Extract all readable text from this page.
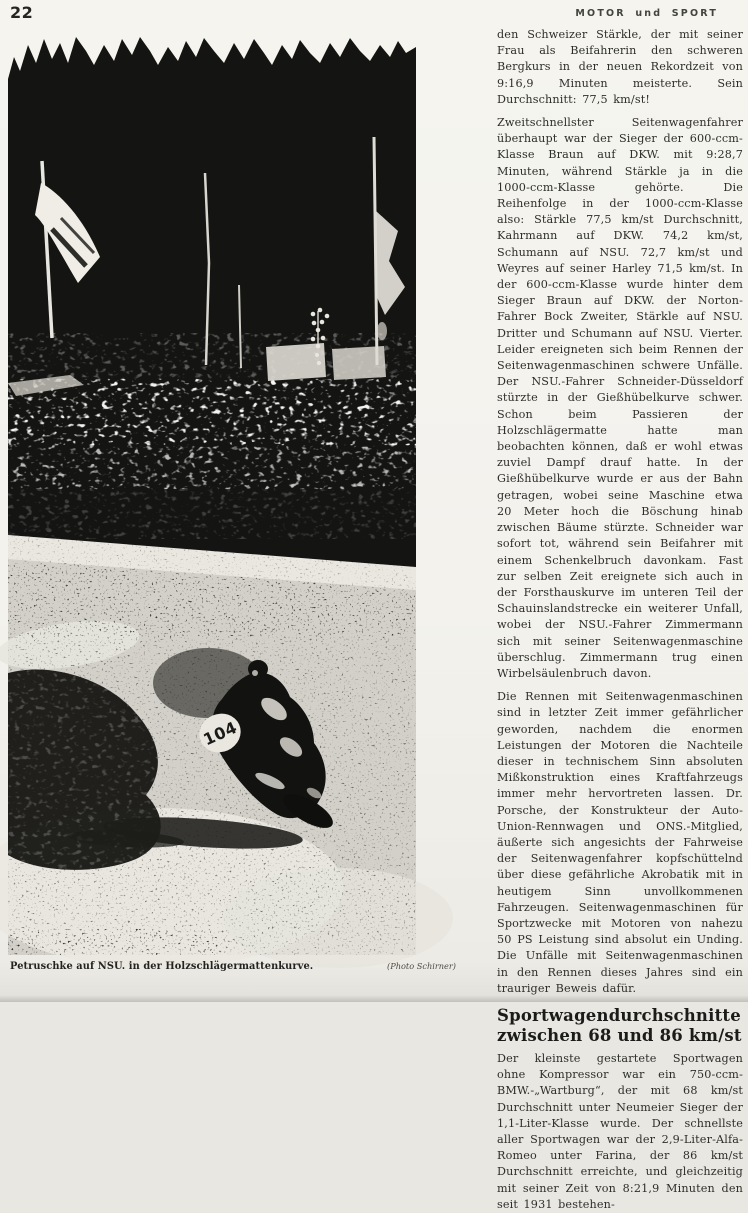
22	MOTOR und SPORT
104
Petruschke auf NSU. in der Holzschlägermattenkurve.	(Photo Schirner)

den Schweizer Stärkle, der mit seiner Frau als Beifahrerin den schweren Bergkurs in der neuen Rekordzeit von 9:16,9 Minuten meisterte. Sein Durchschnitt: 77,5 km/st!

Zweitschnellster Seitenwagenfahrer überhaupt war der Sieger der 600-ccm-Klasse Braun auf DKW. mit 9:28,7 Minuten, während Stärkle ja in die 1000-ccm-Klasse gehörte. Die Reihenfolge in der 1000-ccm-Klasse also: Stärkle 77,5 km/st Durchschnitt, Kahrmann auf DKW. 74,2 km/st, Schumann auf NSU. 72,7 km/st und Weyres auf seiner Harley 71,5 km/st. In der 600-ccm-Klasse wurde hinter dem Sieger Braun auf DKW. der Norton-Fahrer Bock Zweiter, Stärkle auf NSU. Dritter und Schumann auf NSU. Vierter. Leider ereigneten sich beim Rennen der Seitenwagenmaschinen schwere Unfälle. Der NSU.-Fahrer Schneider-Düsseldorf stürzte in der Gießhübelkurve schwer. Schon beim Passieren der Holzschlägermatte hatte man beobachten können, daß er wohl etwas zuviel Dampf drauf hatte. In der Gießhübelkurve wurde er aus der Bahn getragen, wobei seine Maschine etwa 20 Meter hoch die Böschung hinab zwischen Bäume stürzte. Schneider war sofort tot, während sein Beifahrer mit einem Schenkelbruch davonkam. Fast zur selben Zeit ereignete sich auch in der Forsthauskurve im unteren Teil der Schauinslandstrecke ein weiterer Unfall, wobei der NSU.-Fahrer Zimmermann sich mit seiner Seitenwagenmaschine überschlug. Zimmermann trug einen Wirbelsäulenbruch davon.

Die Rennen mit Seitenwagenmaschinen sind in letzter Zeit immer gefährlicher geworden, nachdem die enormen Leistungen der Motoren die Nachteile dieser in technischem Sinn absoluten Mißkonstruktion eines Kraftfahrzeugs immer mehr hervortreten lassen. Dr. Porsche, der Konstrukteur der Auto-Union-Rennwagen und ONS.-Mitglied, äußerte sich angesichts der Fahrweise der Seitenwagenfahrer kopfschüttelnd über diese gefährliche Akrobatik mit in heutigem Sinn unvollkommenen Fahrzeugen. Seitenwagenmaschinen für Sportzwecke mit Motoren von nahezu 50 PS Leistung sind absolut ein Unding. Die Unfälle mit Seitenwagenmaschinen in den Rennen dieses Jahres sind ein trauriger Beweis dafür.

Sportwagendurchschnitte
zwischen 68 und 86 km/st

Der kleinste gestartete Sportwagen ohne Kompressor war ein 750-ccm-BMW.-„Wartburg“, der mit 68 km/st Durchschnitt unter Neumeier Sieger der 1,1-Liter-Klasse wurde. Der schnellste aller Sportwagen war der 2,9-Liter-Alfa-Romeo unter Farina, der 86 km/st Durchschnitt erreichte, und gleichzeitig mit seiner Zeit von 8:21,9 Minuten den seit 1931 bestehen-
